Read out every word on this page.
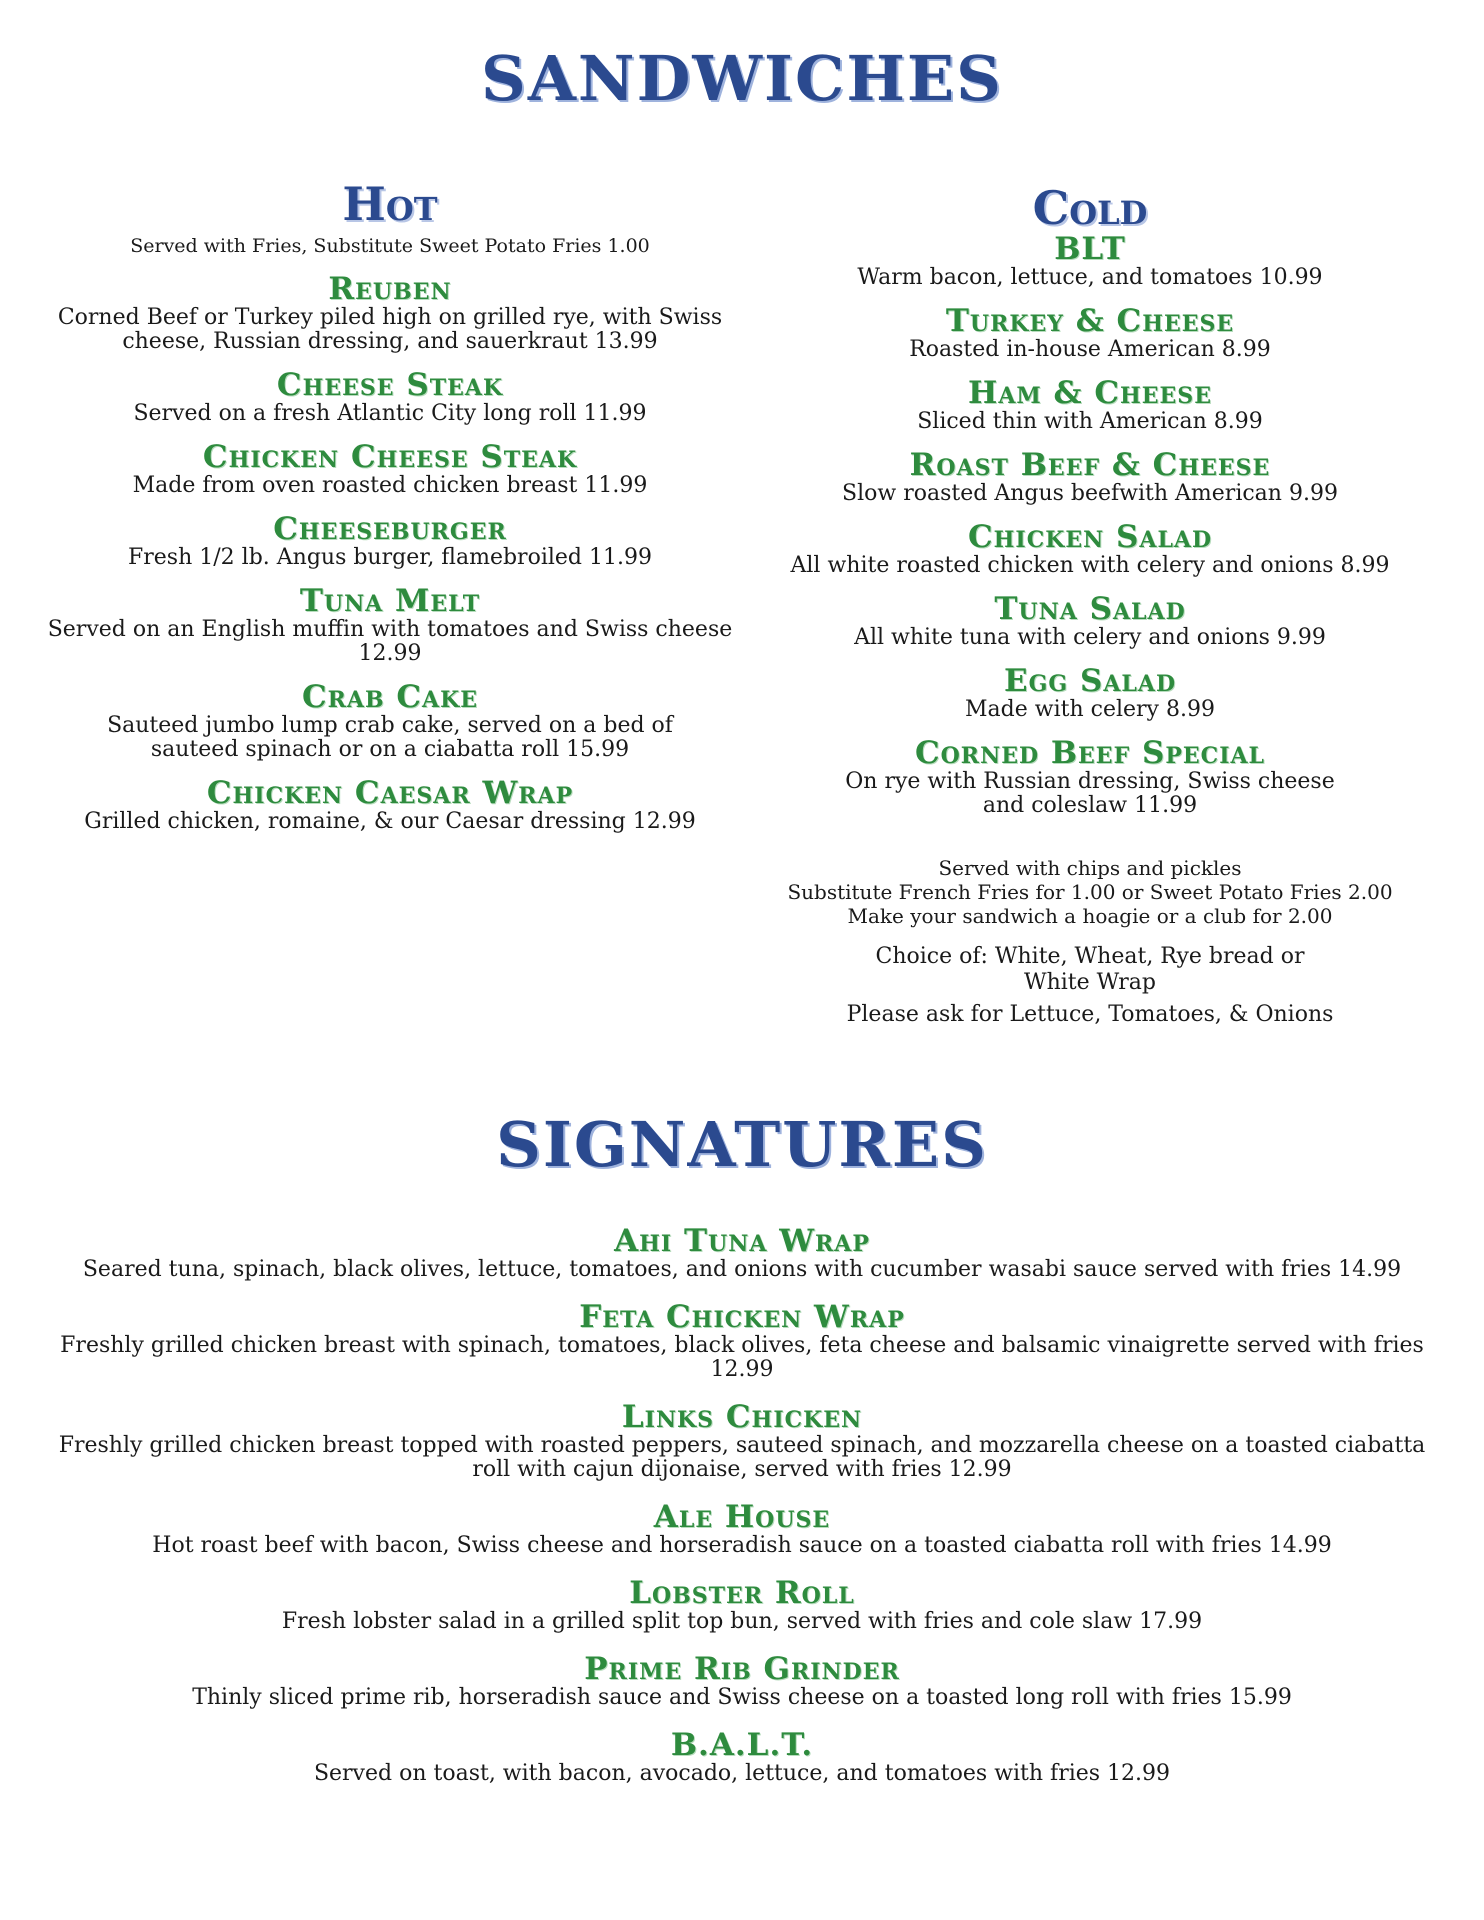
SANDWICHES
Hot

Served with Fries, Substitute Sweet Potato Fries 1.00

Reuben
Corned Beef or Turkey piled high on grilled rye, with Swiss cheese, Russian dressing, and sauerkraut 13.99
Cheese Steak
Served on a fresh Atlantic City long roll 11.99
Chicken Cheese Steak
Made from oven roasted chicken breast 11.99
Cheeseburger
Fresh 1/2 lb. Angus burger, flamebroiled 11.99
Tuna Melt
Served on an English muffin with tomatoes and Swiss cheese 12.99
Crab Cake
Sauteed jumbo lump crab cake, served on a bed of sauteed spinach or on a ciabatta roll 15.99
Chicken Caesar Wrap
Grilled chicken, romaine, & our Caesar dressing 12.99
Cold
BLT
Warm bacon, lettuce, and tomatoes 10.99
Turkey & Cheese
Roasted in-house American 8.99
Ham & Cheese
Sliced thin with American 8.99
Roast Beef & Cheese
Slow roasted Angus beefwith American 9.99
Chicken Salad
All white roasted chicken with celery and onions 8.99
Tuna Salad
All white tuna with celery and onions 9.99
Egg Salad
Made with celery 8.99
Corned Beef Special
On rye with Russian dressing, Swiss cheese and coleslaw 11.99

Served with chips and pickles

Substitute French Fries for 1.00 or Sweet Potato Fries 2.00

Make your sandwich a hoagie or a club for 2.00

Choice of: White, Wheat, Rye bread or

White Wrap

Please ask for Lettuce, Tomatoes, & Onions

SIGNATURES
Ahi Tuna Wrap
Seared tuna, spinach, black olives, lettuce, tomatoes, and onions with cucumber wasabi sauce served with fries 14.99
Feta Chicken Wrap
Freshly grilled chicken breast with spinach, tomatoes, black olives, feta cheese and balsamic vinaigrette served with fries 12.99
Links Chicken
Freshly grilled chicken breast topped with roasted peppers, sauteed spinach, and mozzarella cheese on a toasted ciabatta roll with cajun dijonaise, served with fries 12.99
Ale House
Hot roast beef with bacon, Swiss cheese and horseradish sauce on a toasted ciabatta roll with fries 14.99
Lobster Roll
Fresh lobster salad in a grilled split top bun, served with fries and cole slaw 17.99
Prime Rib Grinder
Thinly sliced prime rib, horseradish sauce and Swiss cheese on a toasted long roll with fries 15.99
B.A.L.T.
Served on toast, with bacon, avocado, lettuce, and tomatoes with fries 12.99
